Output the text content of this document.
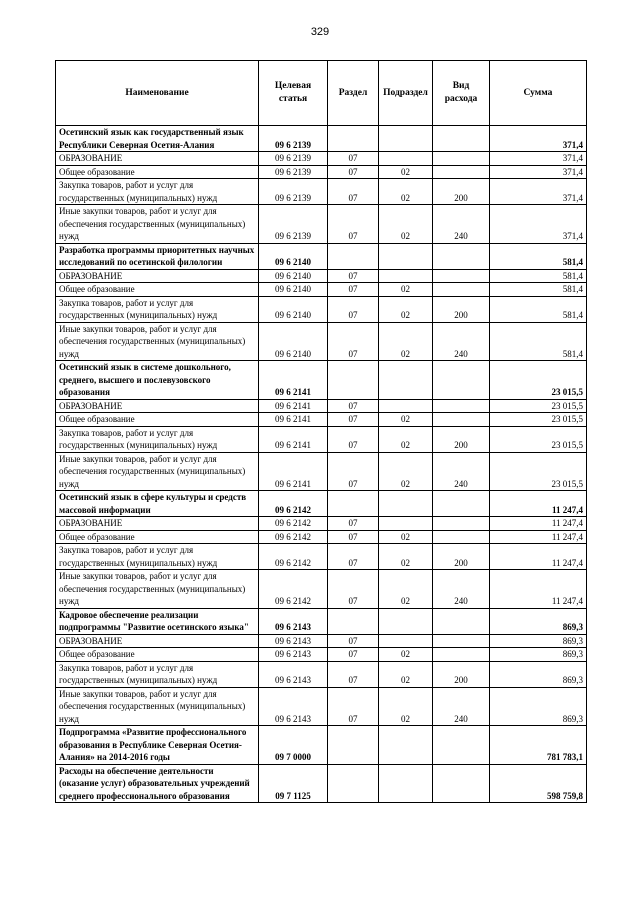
329
Наименование	Целевая статья	Раздел	Подраздел	Вид расхода	Сумма
Осетинский язык как государственный язык Республики Северная Осетия-Алания	09 6 2139				371,4
ОБРАЗОВАНИЕ	09 6 2139	07			371,4
Общее образование	09 6 2139	07	02		371,4
Закупка товаров, работ и услуг для государственных (муниципальных) нужд	09 6 2139	07	02	200	371,4
Иные закупки товаров, работ и услуг для обеспечения государственных (муниципальных) нужд	09 6 2139	07	02	240	371,4
Разработка программы приоритетных научных исследований по осетинской филологии	09 6 2140				581,4
ОБРАЗОВАНИЕ	09 6 2140	07			581,4
Общее образование	09 6 2140	07	02		581,4
Закупка товаров, работ и услуг для государственных (муниципальных) нужд	09 6 2140	07	02	200	581,4
Иные закупки товаров, работ и услуг для обеспечения государственных (муниципальных) нужд	09 6 2140	07	02	240	581,4
Осетинский язык в системе дошкольного, среднего, высшего и послевузовского образования	09 6 2141				23 015,5
ОБРАЗОВАНИЕ	09 6 2141	07			23 015,5
Общее образование	09 6 2141	07	02		23 015,5
Закупка товаров, работ и услуг для государственных (муниципальных) нужд	09 6 2141	07	02	200	23 015,5
Иные закупки товаров, работ и услуг для обеспечения государственных (муниципальных) нужд	09 6 2141	07	02	240	23 015,5
Осетинский язык в сфере культуры и средств массовой информации	09 6 2142				11 247,4
ОБРАЗОВАНИЕ	09 6 2142	07			11 247,4
Общее образование	09 6 2142	07	02		11 247,4
Закупка товаров, работ и услуг для государственных (муниципальных) нужд	09 6 2142	07	02	200	11 247,4
Иные закупки товаров, работ и услуг для обеспечения государственных (муниципальных) нужд	09 6 2142	07	02	240	11 247,4
Кадровое обеспечение реализации подпрограммы "Развитие осетинского языка"	09 6 2143				869,3
ОБРАЗОВАНИЕ	09 6 2143	07			869,3
Общее образование	09 6 2143	07	02		869,3
Закупка товаров, работ и услуг для государственных (муниципальных) нужд	09 6 2143	07	02	200	869,3
Иные закупки товаров, работ и услуг для обеспечения государственных (муниципальных) нужд	09 6 2143	07	02	240	869,3
Подпрограмма «Развитие профессионального образования в Республике Северная Осетия-Алания» на 2014-2016 годы	09 7 0000				781 783,1
Расходы на обеспечение деятельности (оказание услуг) образовательных учреждений среднего профессионального образования	09 7 1125				598 759,8
